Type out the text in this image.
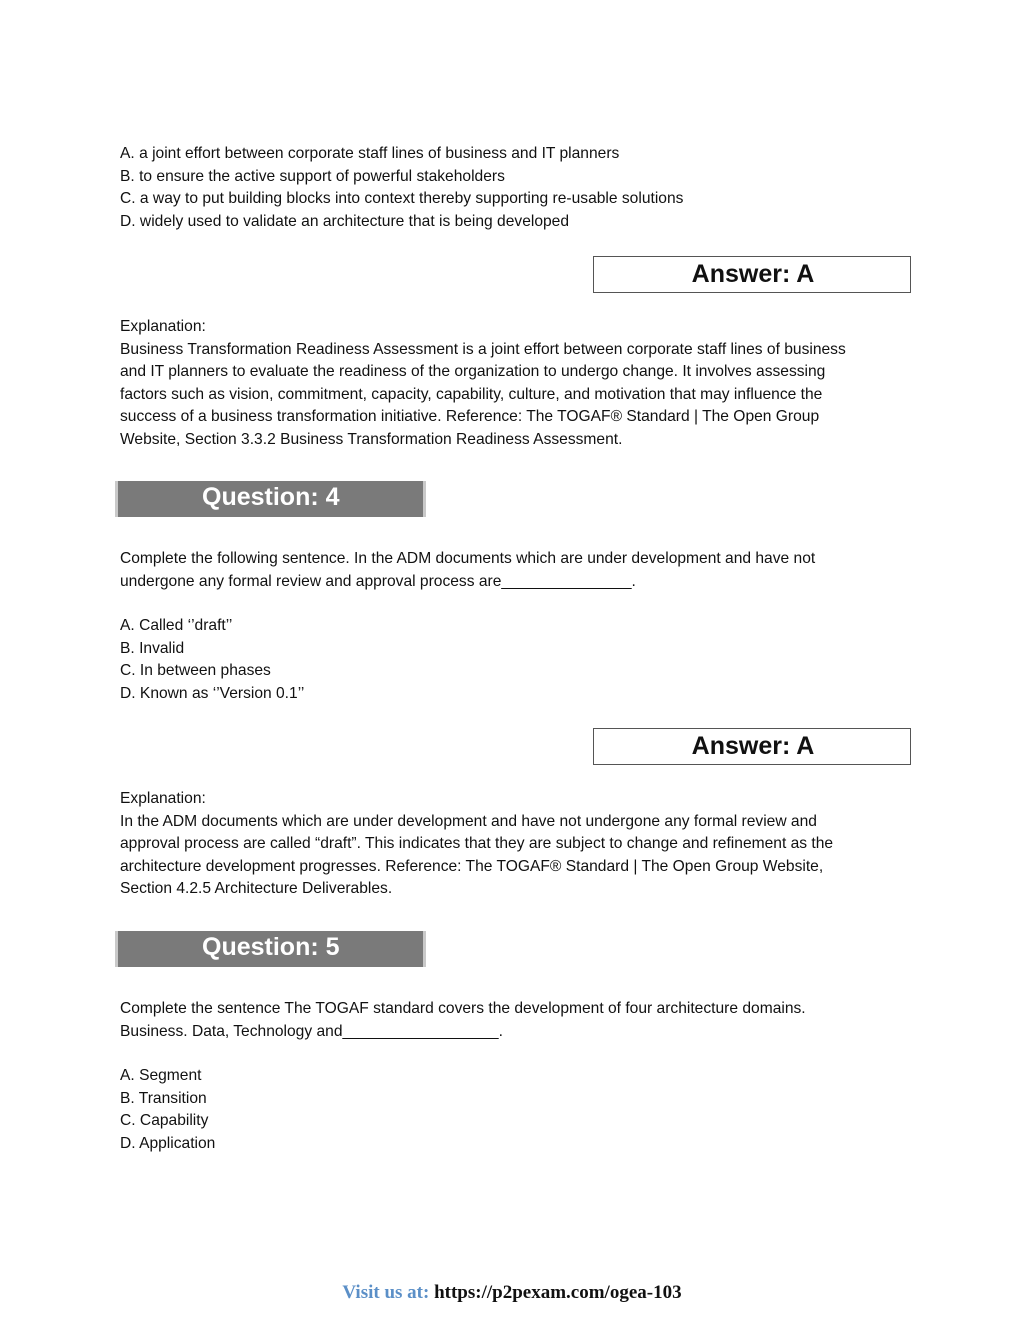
A. a joint effort between corporate staff lines of business and IT planners
B. to ensure the active support of powerful stakeholders
C. a way to put building blocks into context thereby supporting re-usable solutions
D. widely used to validate an architecture that is being developed
Answer: A
Explanation:
Business Transformation Readiness Assessment is a joint effort between corporate staff lines of business
and IT planners to evaluate the readiness of the organization to undergo change. It involves assessing
factors such as vision, commitment, capacity, capability, culture, and motivation that may influence the
success of a business transformation initiative. Reference: The TOGAF® Standard | The Open Group
Website, Section 3.3.2 Business Transformation Readiness Assessment.
Question: 4
Complete the following sentence. In the ADM documents which are under development and have not
undergone any formal review and approval process are_______________.
A. Called ‘’draft’’
B. Invalid
C. In between phases
D. Known as ‘’Version 0.1’’
Answer: A
Explanation:
In the ADM documents which are under development and have not undergone any formal review and
approval process are called “draft”. This indicates that they are subject to change and refinement as the
architecture development progresses. Reference: The TOGAF® Standard | The Open Group Website,
Section 4.2.5 Architecture Deliverables.
Question: 5
Complete the sentence The TOGAF standard covers the development of four architecture domains.
Business. Data, Technology and__________________.
A. Segment
B. Transition
C. Capability
D. Application
Visit us at: https://p2pexam.com/ogea-103
